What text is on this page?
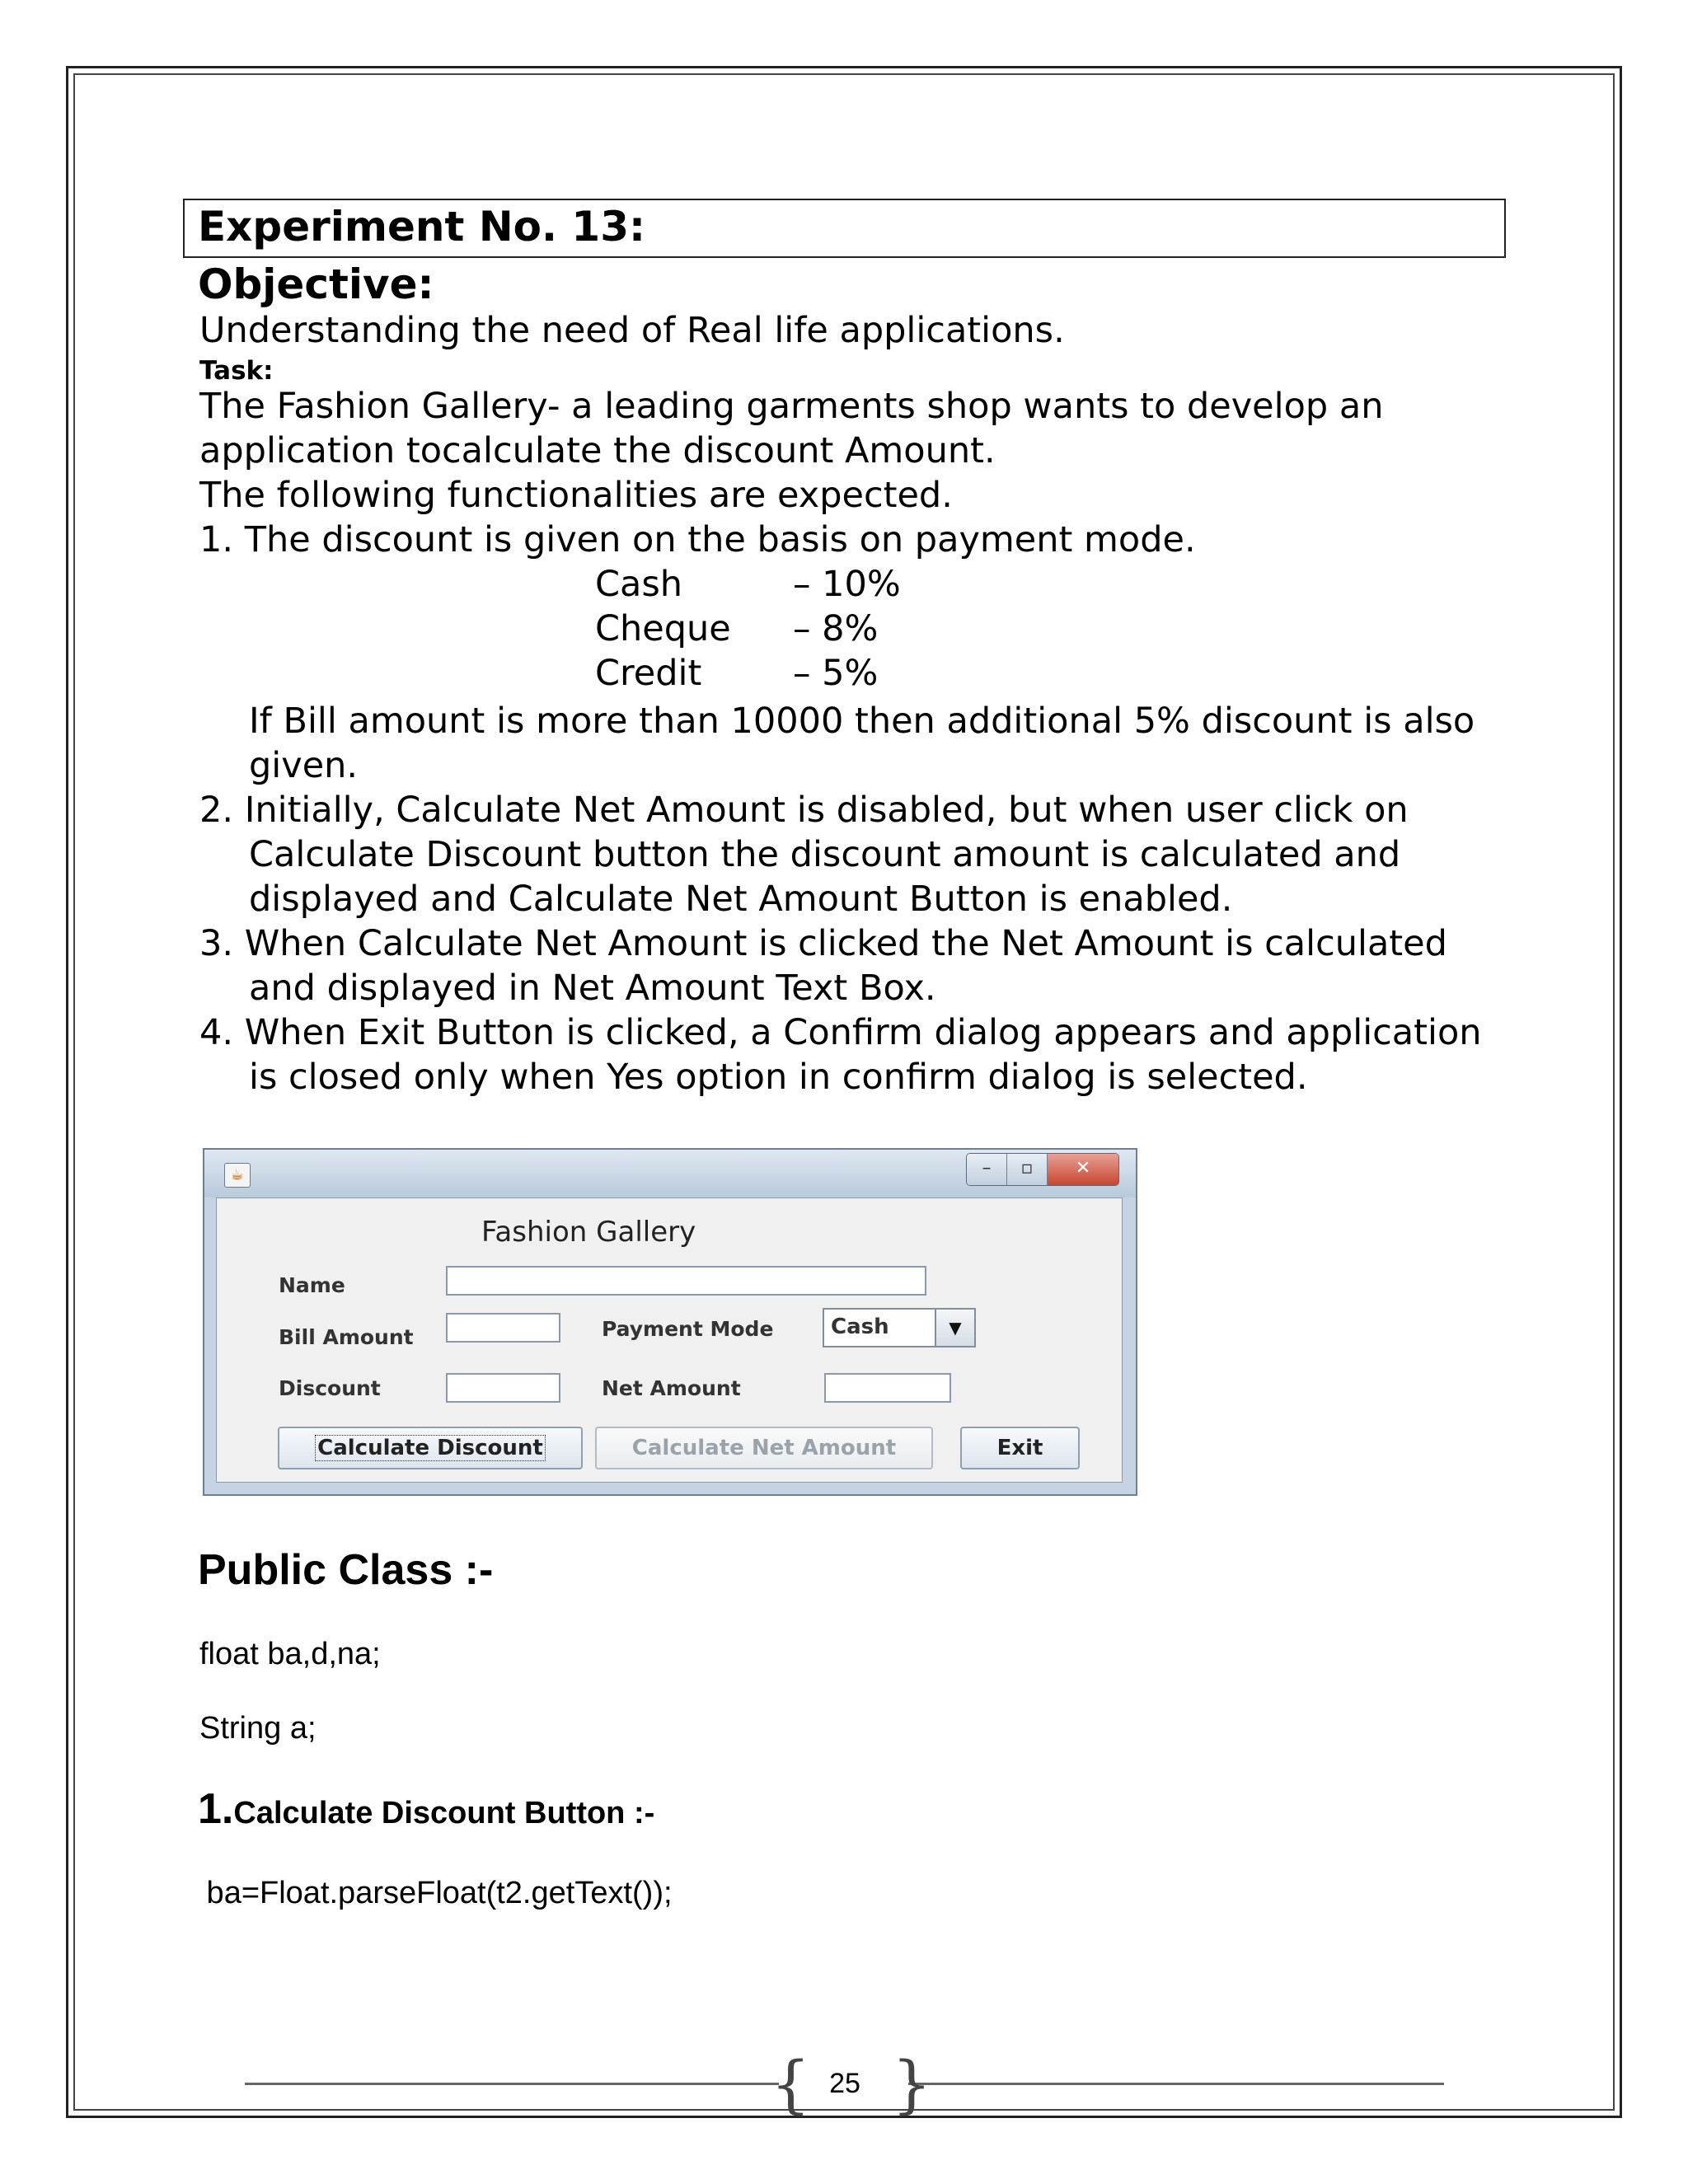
Experiment No. 13:
Objective:
Understanding the need of Real life applications.
Task:
The Fashion Gallery- a leading garments shop wants to develop an
application tocalculate the discount Amount.
The following functionalities are expected.
1. The discount is given on the basis on payment mode.
Cash	– 10%
Cheque – 8%
Credit	– 5%
If Bill amount is more than 10000 then additional 5% discount is also
given.
2. Initially, Calculate Net Amount is disabled, but when user click on
Calculate Discount button the discount amount is calculated and
displayed and Calculate Net Amount Button is enabled.
3. When Calculate Net Amount is clicked the Net Amount is calculated
and displayed in Net Amount Text Box.
4. When Exit Button is clicked, a Confirm dialog appears and application
is closed only when Yes option in confirm dialog is selected.
☕	–	▫	✕
Fashion Gallery
Name
Bill Amount	Payment Mode	Cash	▼
Discount	Net Amount
Calculate Discount	Calculate Net Amount	Exit
Public Class :-
float ba,d,na;
String a;
1.Calculate Discount Button :-
ba=Float.parseFloat(t2.getText());
{ }
25
